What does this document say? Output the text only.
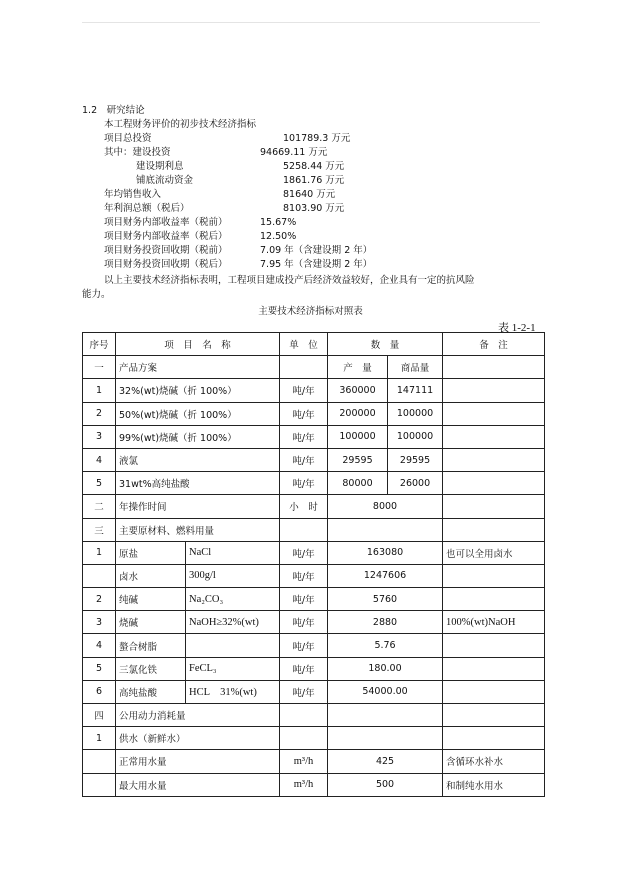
1.2　研究结论
本工程财务评价的初步技术经济指标
项目总投资	101789.3 万元
其中：建设投资	94669.11 万元
建设期利息	5258.44 万元
铺底流动资金	1861.76 万元
年均销售收入	81640 万元
年利润总额（税后）	8103.90 万元
项目财务内部收益率（税前）	15.67%
项目财务内部收益率（税后）	12.50%
项目财务投资回收期（税前）	7.09 年（含建设期 2 年）
项目财务投资回收期（税后）	7.95 年（含建设期 2 年）
以上主要技术经济指标表明，工程项目建成投产后经济效益较好，企业具有一定的抗风险
能力。
主要技术经济指标对照表
表 1-2-1
序号	项　目　名　称		单　位	数　量		备　注
一	产品方案			产　量	商品量	
1	32%(wt)烧碱（折 100%）		吨/年	360000	147111	
2	50%(wt)烧碱（折 100%）		吨/年	200000	100000	
3	99%(wt)烧碱（折 100%）		吨/年	100000	100000	
4	液氯		吨/年	29595	29595	
5	31wt%高纯盐酸		吨/年	80000	26000	
二	年操作时间		小　时	8000		
三	主要原材料、燃料用量					
1	原盐	NaCl	吨/年	163080		也可以全用卤水
	卤水	300g/l	吨/年	1247606		
2	纯碱	Na₂CO₃	吨/年	5760		
3	烧碱	NaOH≥32%(wt)	吨/年	2880		100%(wt)NaOH
4	螯合树脂		吨/年	5.76		
5	三氯化铁	FeCL₃	吨/年	180.00		
6	高纯盐酸	HCL　31%(wt)	吨/年	54000.00		
四	公用动力消耗量					
1	供水（新鲜水）					
	正常用水量		m³/h	425		含循环水补水
	最大用水量		m³/h	500		和制纯水用水
